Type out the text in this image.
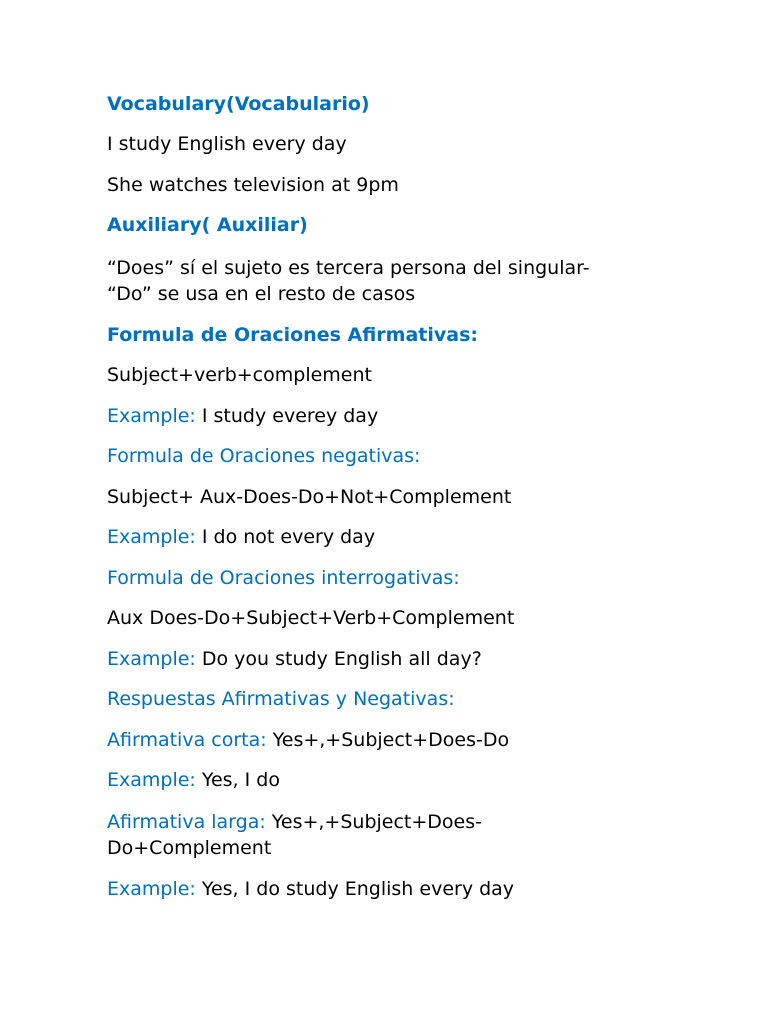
Vocabulary(Vocabulario)
I study English every day
She watches television at 9pm
Auxiliary( Auxiliar)
“Does” sí el sujeto es tercera persona del singular-
“Do” se usa en el resto de casos
Formula de Oraciones Afirmativas:
Subject+verb+complement
Example: I study everey day
Formula de Oraciones negativas:
Subject+ Aux-Does-Do+Not+Complement
Example: I do not every day
Formula de Oraciones interrogativas:
Aux Does-Do+Subject+Verb+Complement
Example: Do you study English all day?
Respuestas Afirmativas y Negativas:
Afirmativa corta: Yes+,+Subject+Does-Do
Example: Yes, I do
Afirmativa larga: Yes+,+Subject+Does-
Do+Complement
Example: Yes, I do study English every day
